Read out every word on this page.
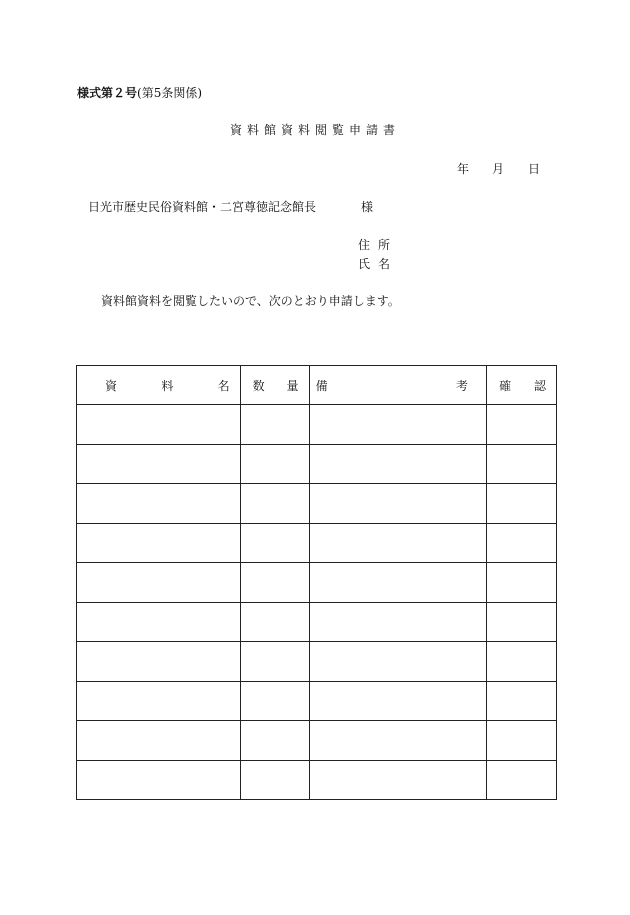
様式第２号(第5条関係)
資料館資料閲覧申請書
年 月 日
日光市歴史民俗資料館・二宮尊徳記念館長	様
住所
氏名
資料館資料を閲覧したいので、次のとおり申請します。
資 料 名	数 量	備 考	確 認
